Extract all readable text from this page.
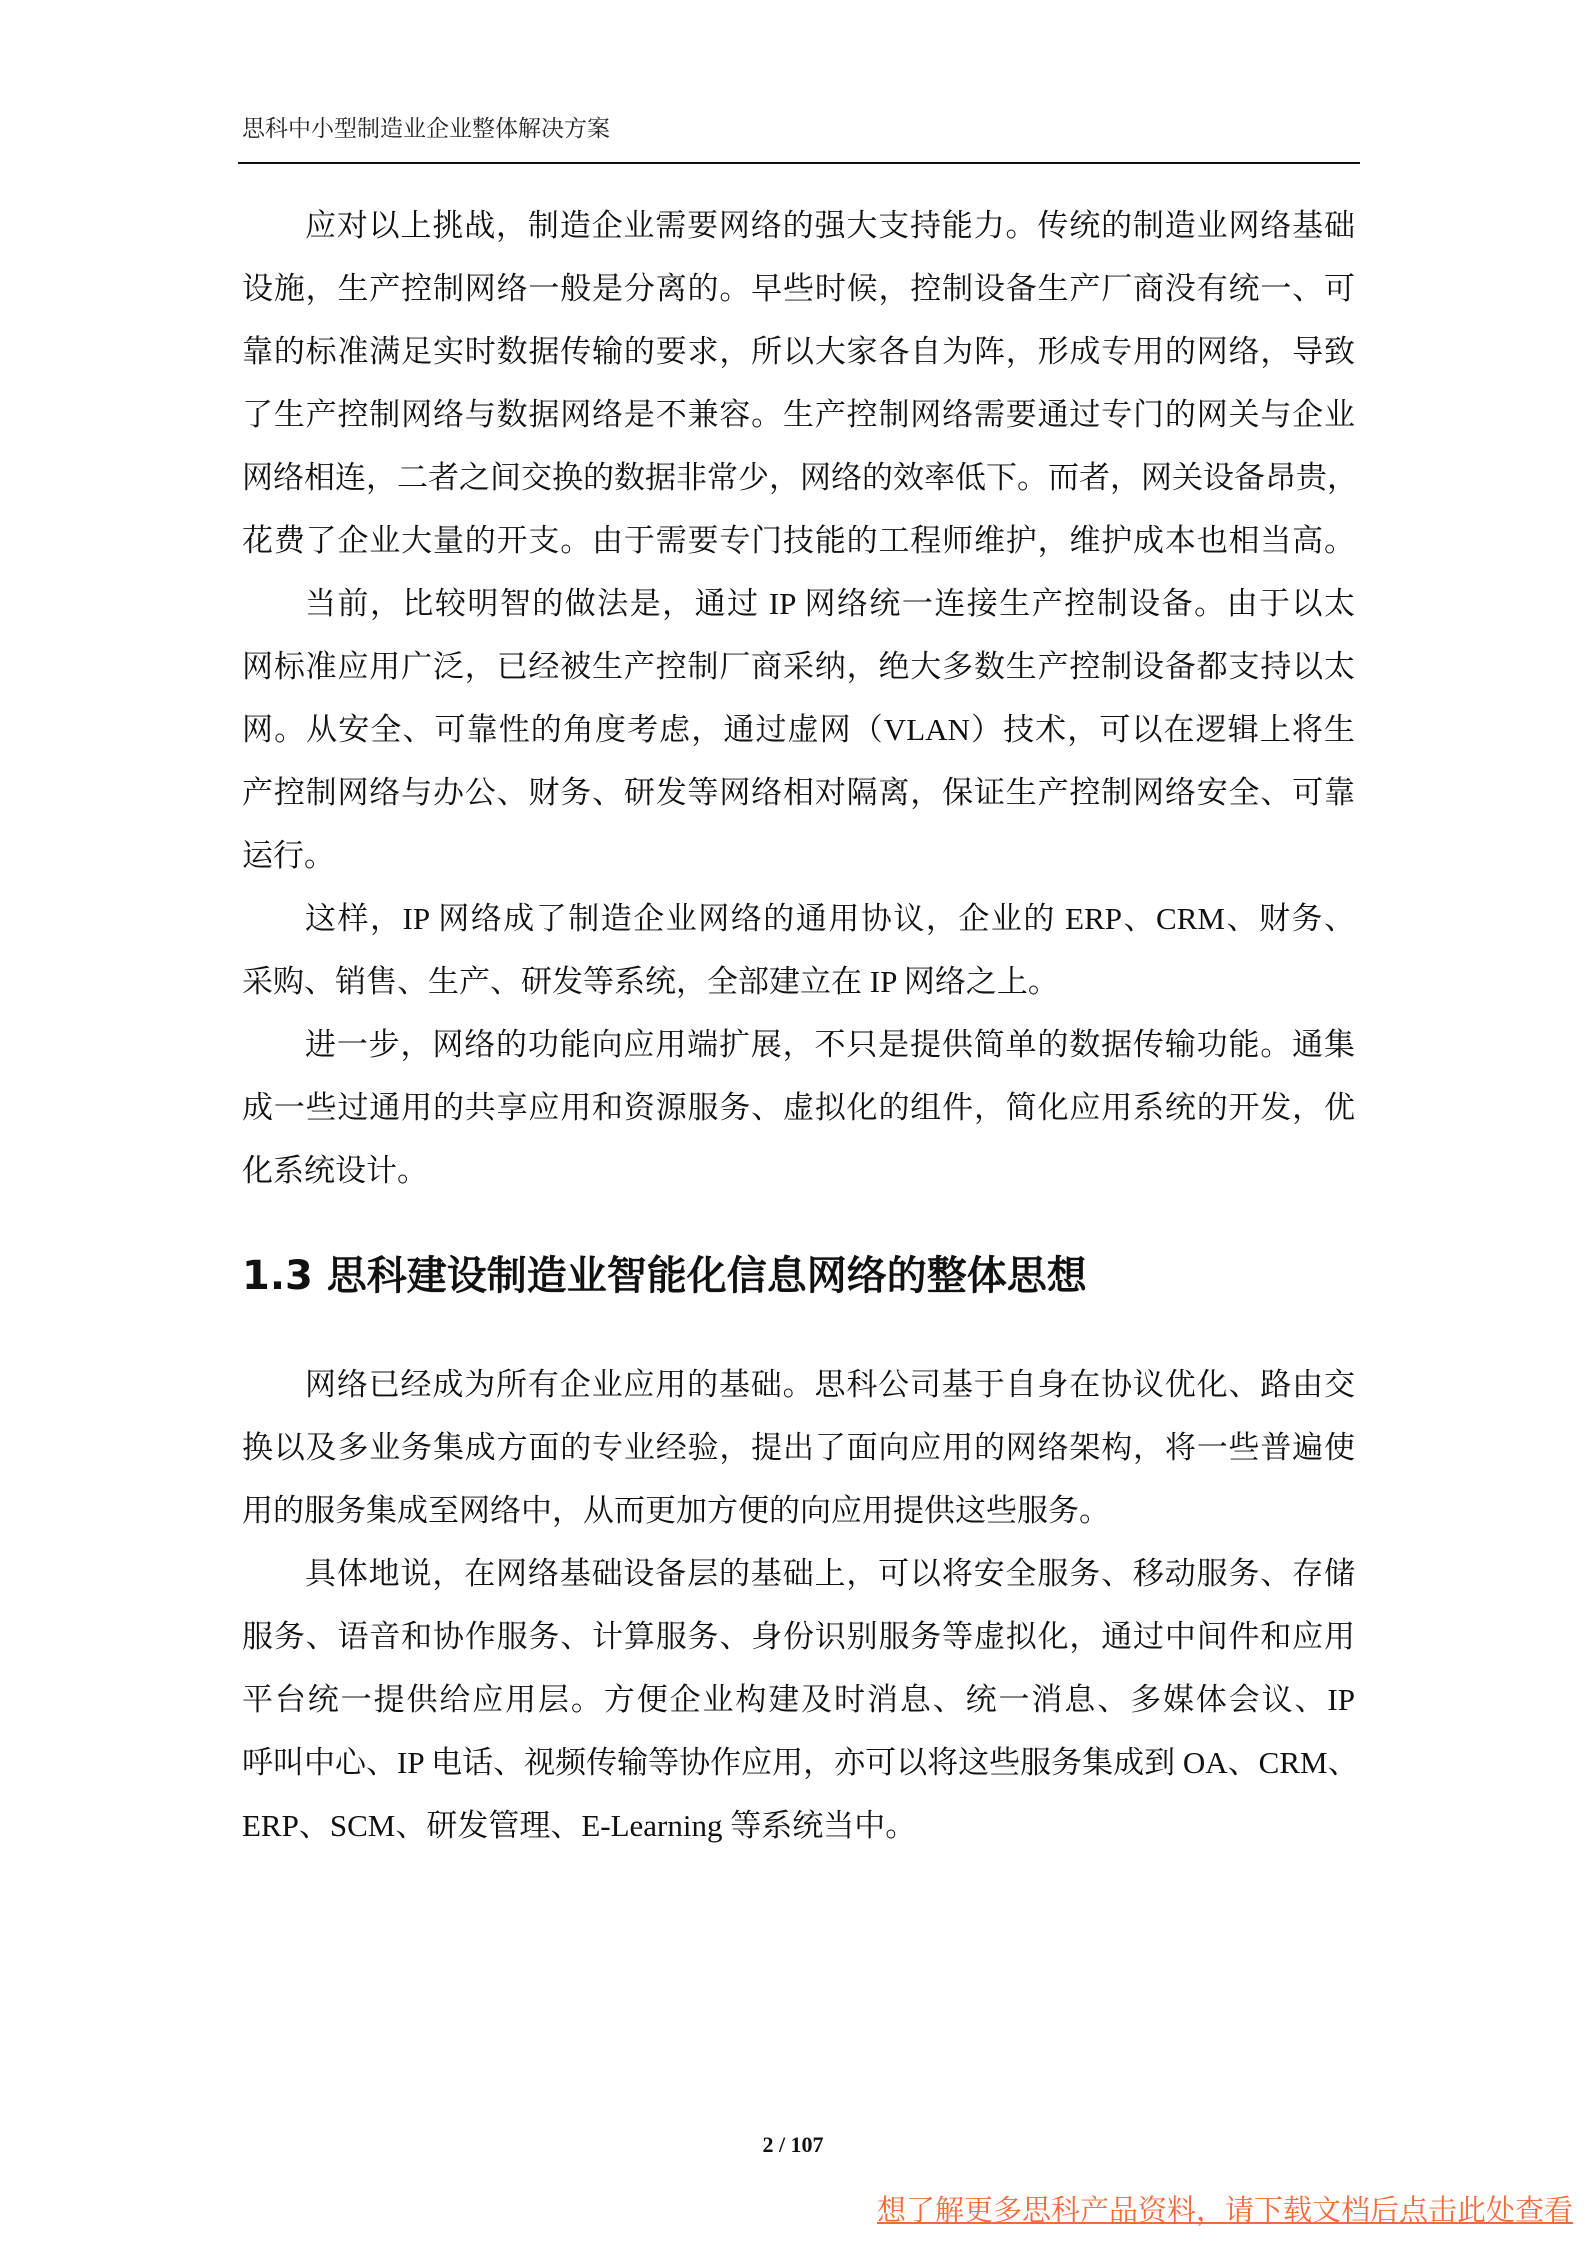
思科中小型制造业企业整体解决方案
应对以上挑战，制造企业需要网络的强大支持能力。传统的制造业网络基础
设施，生产控制网络一般是分离的。早些时候，控制设备生产厂商没有统一、可
靠的标准满足实时数据传输的要求，所以大家各自为阵，形成专用的网络，导致
了生产控制网络与数据网络是不兼容。生产控制网络需要通过专门的网关与企业
网络相连，二者之间交换的数据非常少，网络的效率低下。而者，网关设备昂贵，
花费了企业大量的开支。由于需要专门技能的工程师维护，维护成本也相当高。
当前，比较明智的做法是，通过 IP 网络统一连接生产控制设备。由于以太
网标准应用广泛，已经被生产控制厂商采纳，绝大多数生产控制设备都支持以太
网。从安全、可靠性的角度考虑，通过虚网（VLAN）技术，可以在逻辑上将生
产控制网络与办公、财务、研发等网络相对隔离，保证生产控制网络安全、可靠
运行。
这样，IP 网络成了制造企业网络的通用协议，企业的 ERP、CRM、财务、
采购、销售、生产、研发等系统，全部建立在 IP 网络之上。
进一步，网络的功能向应用端扩展，不只是提供简单的数据传输功能。通集
成一些过通用的共享应用和资源服务、虚拟化的组件，简化应用系统的开发，优
化系统设计。
1.3 思科建设制造业智能化信息网络的整体思想
网络已经成为所有企业应用的基础。思科公司基于自身在协议优化、路由交
换以及多业务集成方面的专业经验，提出了面向应用的网络架构，将一些普遍使
用的服务集成至网络中，从而更加方便的向应用提供这些服务。
具体地说，在网络基础设备层的基础上，可以将安全服务、移动服务、存储
服务、语音和协作服务、计算服务、身份识别服务等虚拟化，通过中间件和应用
平台统一提供给应用层。方便企业构建及时消息、统一消息、多媒体会议、IP
呼叫中心、IP 电话、视频传输等协作应用，亦可以将这些服务集成到 OA、CRM、
ERP、SCM、研发管理、E-Learning 等系统当中。
2 / 107
想了解更多思科产品资料，请下载文档后点击此处查看
